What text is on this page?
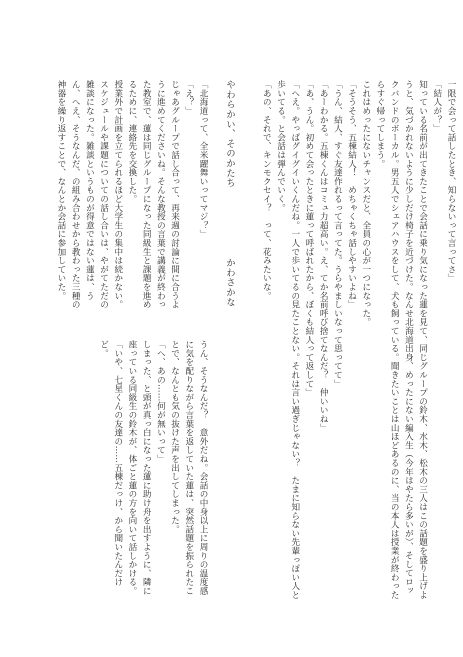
やわらかい、そのかたち
かわさかな

「北海道って、全米躍舞いってマジ？」

「え？」

じゃあグループで話し合って、再来週の討論に間に合うように進めてくださいね。そんな教授の言葉で講義が終わった教室で、蓮は同じグループになった同級生と課題を進めるために、連絡先を交換した。

授業外で計画を立てられるほど大学生の集中は続かない。スケジュールや課題についての話し合いは、やがてただの雑談になった。雑談というものが得意ではない蓮は、うん、へえ、そうなんだ、の組み合わせから教わった三種の神器を繰り返すことで、なんとか会話に参加していた。

うん、そうなんだ？　意外だね。会話の中身以上に周りの温度感に気を配りながら言葉を返していた蓮は、突然話題を振られたことで、なんとも気の抜けた声を出してしまった。

「へ、あの……何が無いって」

しまった、と頭が真っ白になった蓮に助け舟を出すように、隣に座っている同級生の鈴木が、体ごと蓮の方を向いて話しかける。

「いや、七星くんの友達の……五棟だっけ、から聞いたんだけど。

一限で会って話したとき、知らないって言ってさ」

「結人が？」

知っている名前が出てきたことで会話に乗り気になった蓮を見て、同じグループの鈴木、水木、松木の三人はこの話題を盛り上げようと、気づかれないように少しだけ椅子を近づけた。なんせ北海道出身、めったにない編入生（今年はやたら多いが）、そしてロックバンドのボーカル。男五人でシェアハウスをして、犬も飼っている。聞きたいことは山ほどあるのに、当の本人は授業が終わったらすぐ帰ってしまう。

これはめったにないチャンスだと、全員の心が一つになった。

「そうそう、五棟結人！　めちゃくちゃ話しやすいよね」

「うん、結人、すぐ友達作れるって言ってた。うらやましいなって思ってて」

「あーわかる。五棟くんはコミュ力超高い。え、てか名前呼び捨てなんだ？　仲いいね」

「あ、うん。初めて会ったときに蓮って呼ばれたから、ぼくも結人って返して」

「へえ。やっぱグイグイいくんだね。一人で歩いてるの見たことない。それは言い過ぎじゃない？　たまに知らない先輩っぽい人と歩いてる。と会話は弾んでいく。

「あの、それで、キンモクセイ？　って、花みたいな。
